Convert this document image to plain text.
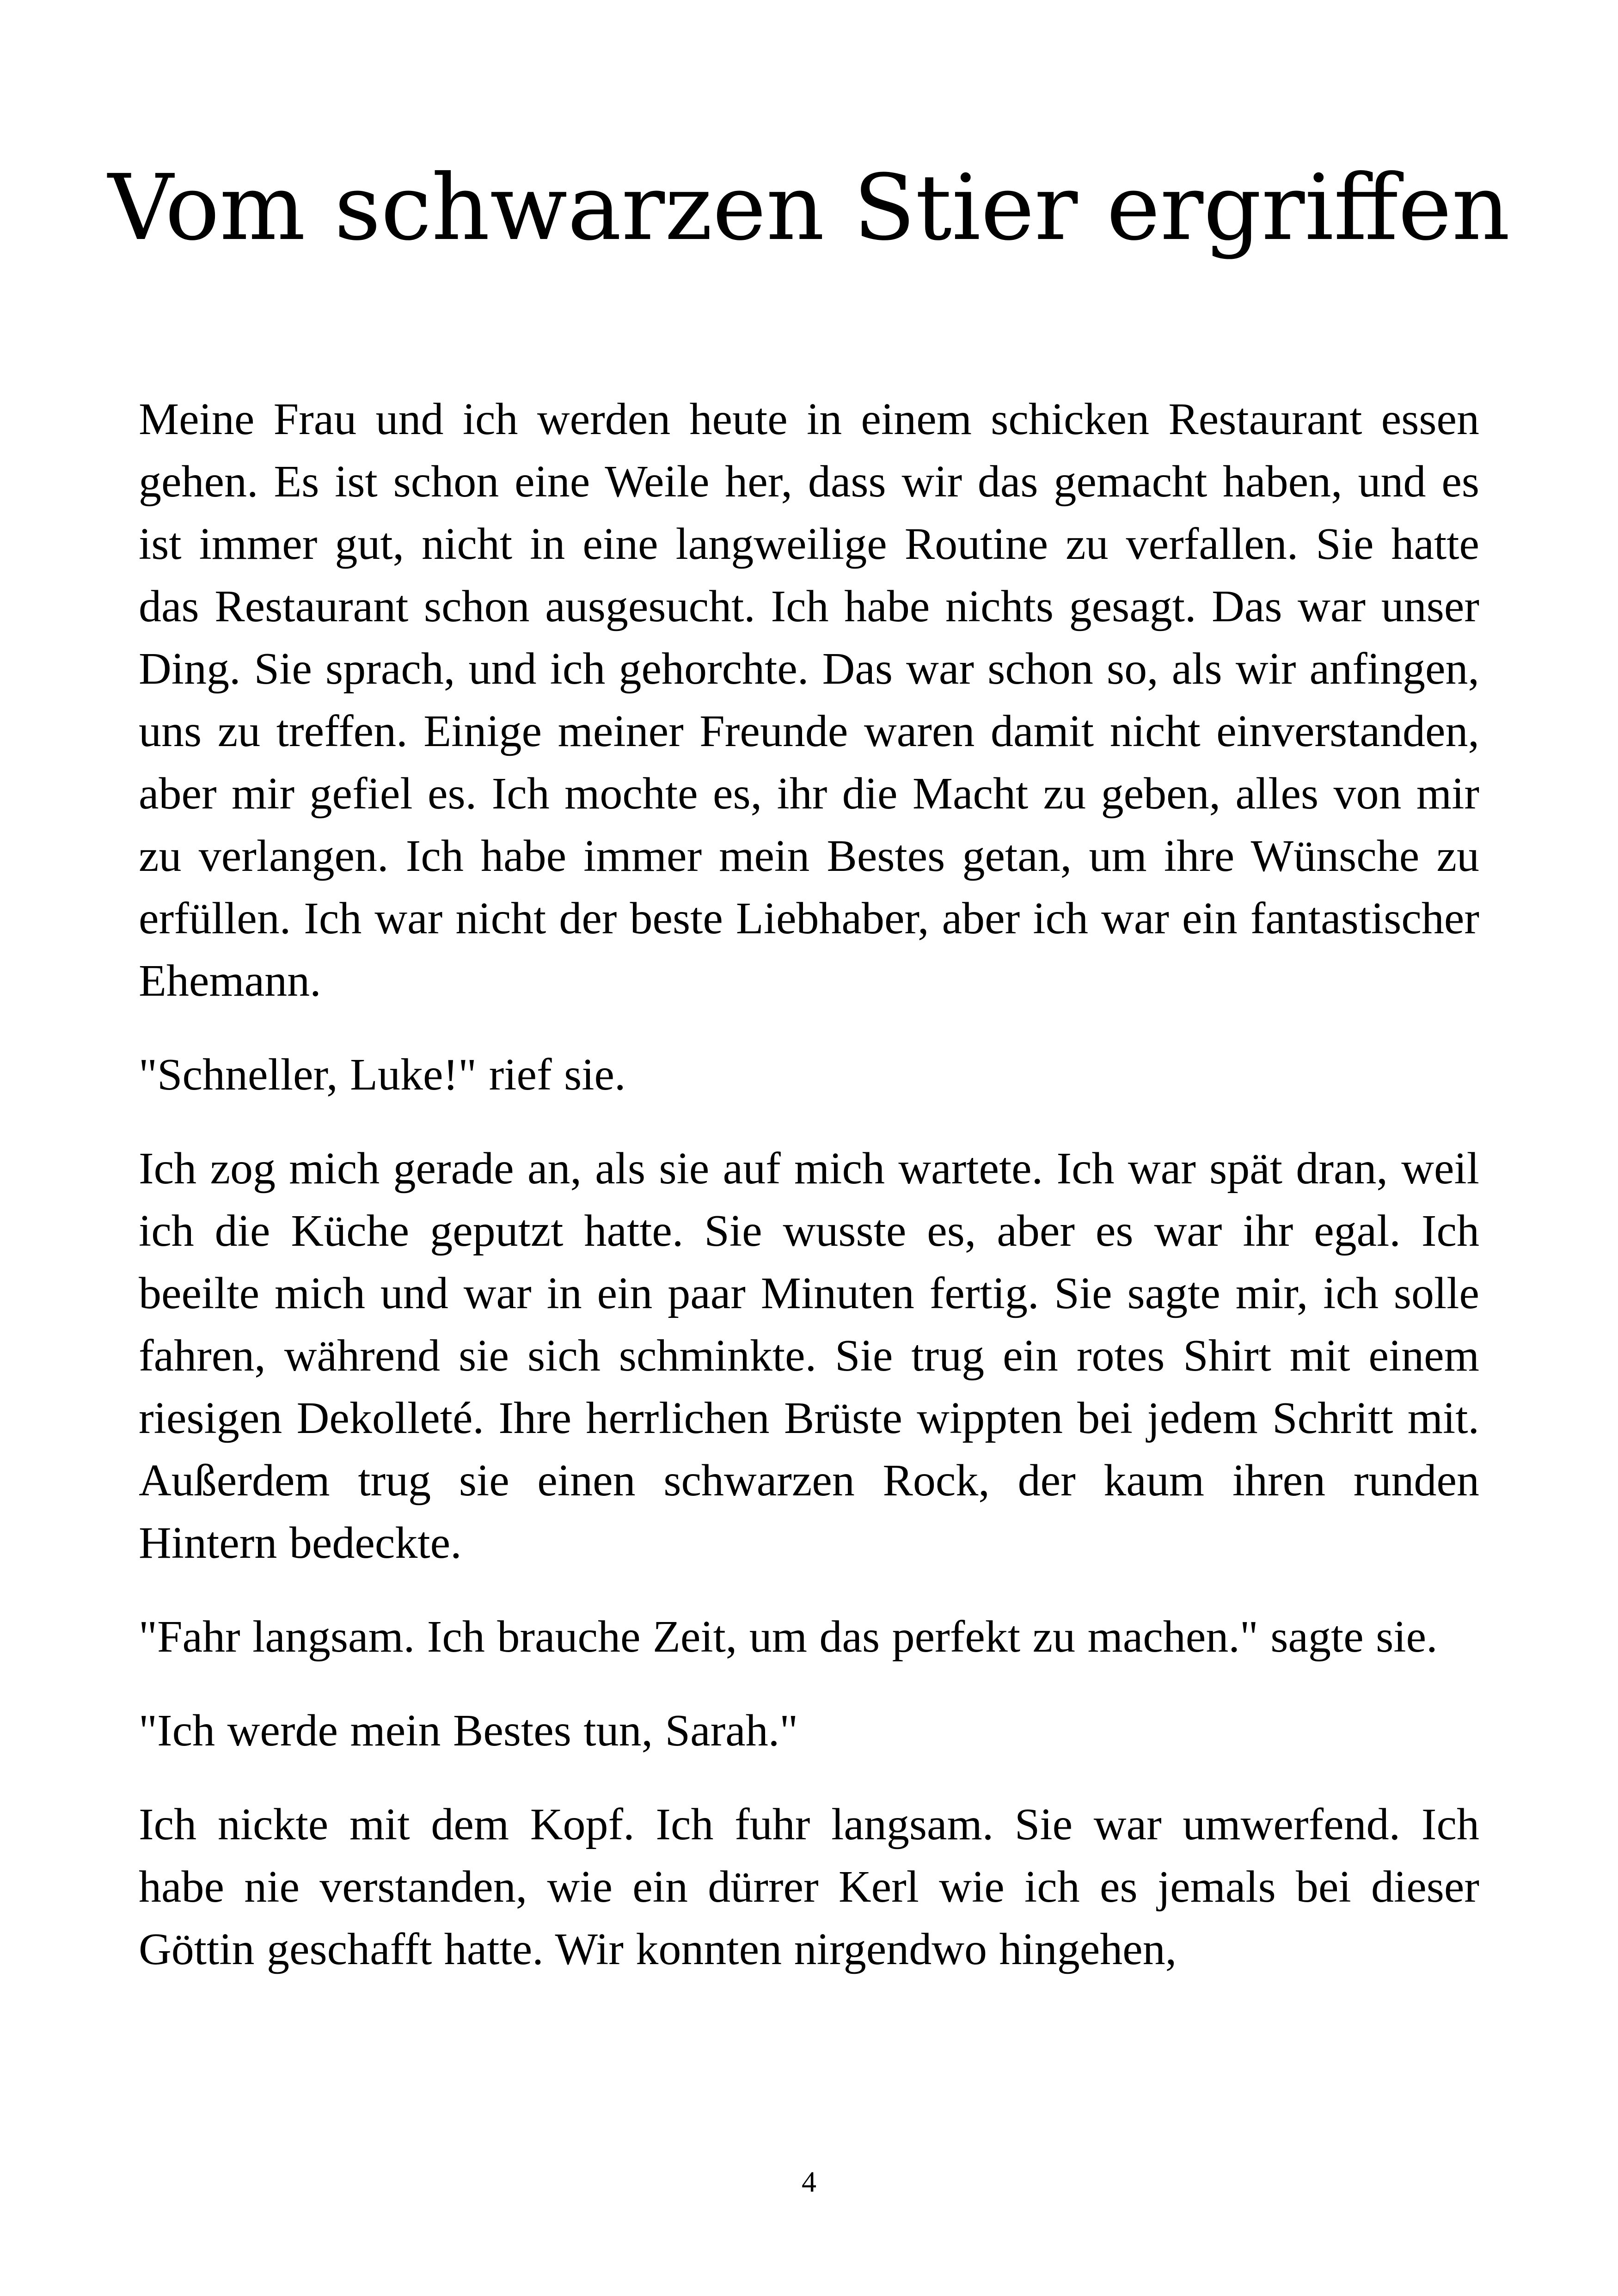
Vom schwarzen Stier ergriffen

Meine Frau und ich werden heute in einem schicken Restaurant essen gehen. Es ist schon eine Weile her, dass wir das gemacht haben, und es ist immer gut, nicht in eine langweilige Routine zu verfallen. Sie hatte das Restaurant schon ausgesucht. Ich habe nichts gesagt. Das war unser Ding. Sie sprach, und ich gehorchte. Das war schon so, als wir anfingen, uns zu treffen. Einige meiner Freunde waren damit nicht einverstanden, aber mir gefiel es. Ich mochte es, ihr die Macht zu geben, alles von mir zu verlangen. Ich habe immer mein Bestes getan, um ihre Wünsche zu erfüllen. Ich war nicht der beste Liebhaber, aber ich war ein fantastischer Ehemann.

"Schneller, Luke!" rief sie.

Ich zog mich gerade an, als sie auf mich wartete. Ich war spät dran, weil ich die Küche geputzt hatte. Sie wusste es, aber es war ihr egal. Ich beeilte mich und war in ein paar Minuten fertig. Sie sagte mir, ich solle fahren, während sie sich schminkte. Sie trug ein rotes Shirt mit einem riesigen Dekolleté. Ihre herrlichen Brüste wippten bei jedem Schritt mit. Außerdem trug sie einen schwarzen Rock, der kaum ihren runden Hintern bedeckte.

"Fahr langsam. Ich brauche Zeit, um das perfekt zu machen." sagte sie.

"Ich werde mein Bestes tun, Sarah."

Ich nickte mit dem Kopf. Ich fuhr langsam. Sie war umwerfend. Ich habe nie verstanden, wie ein dürrer Kerl wie ich es jemals bei dieser Göttin geschafft hatte. Wir konnten nirgendwo hingehen,

4
